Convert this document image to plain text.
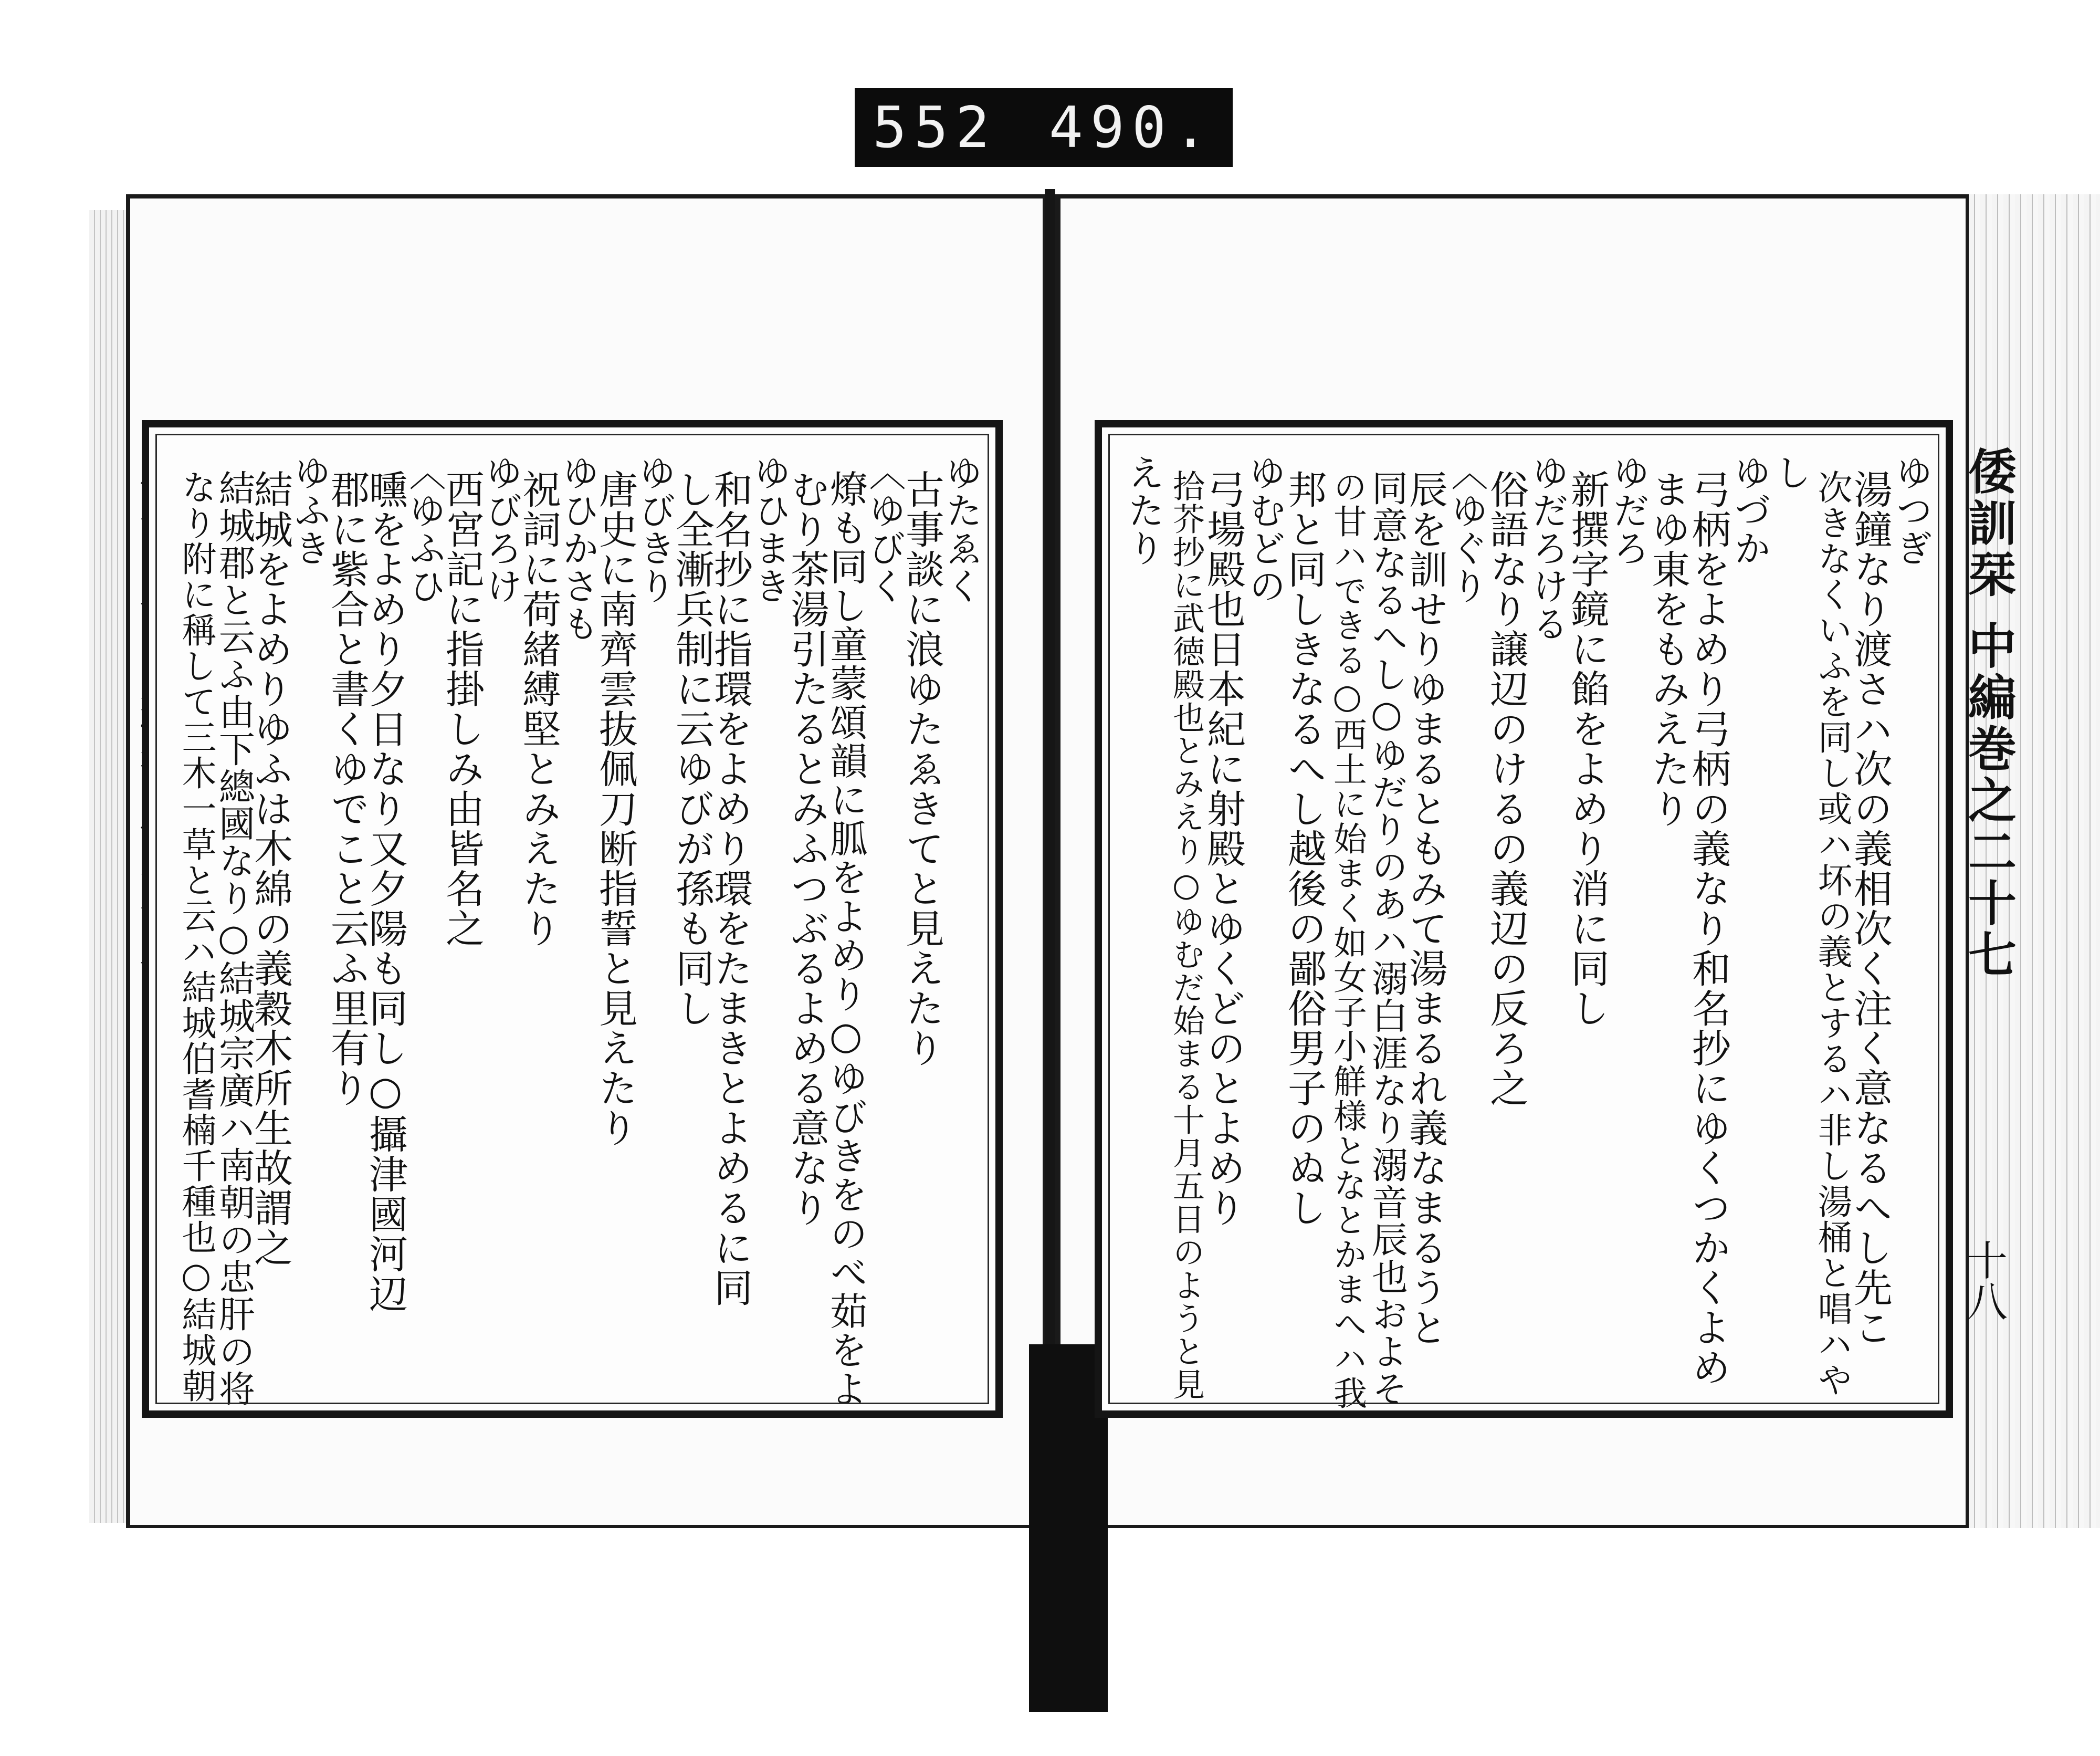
552 490.
倭訓栞 中編巻之二十七
十八
ゆたゑく
古事談に浪ゆたゑきてと見えたり
〈ゆびく
燎も同し童蒙頌韻に胍をよめり○ゆびきをのべ茹をよ
むり茶湯引たるとみふつぶるよめる意なり
ゆひまき
和名抄に指環をよめり環をたまきとよめるに同
し全漸兵制に云ゆびが孫も同し
ゆびきり
唐史に南齊雲抜佩刀断指誓と見えたり
ゆひかさも
祝詞に荷緒縛堅とみえたり
ゆびろけ
西宮記に指掛しみ由皆名之
〈ゆふひ
曛をよめり夕日なり又夕陽も同し○攝津國河辺
郡に紫合と書くゆでこと云ふ里有り
ゆふき
結城をよめりゆふは木綿の義穀木所生故謂之
結城郡と云ふ由下總國なり○結城宗廣ハ南朝の忠肝の将
なり附に稱して三木一草と云ハ結城伯耆楠千種也○結城朝	ゆつぎ
湯鐘なり渡さハ次の義相次く注く意なるへし先こ
次きなくいふを同し或ハ坏の義とするハ非し湯桶と唱ハや
し
ゆづか
弓柄をよめり弓柄の義なり和名抄にゆくつかくよめ
まゆ東をもみえたり
ゆだろ
新撰字鏡に餡をよめり消に同し
ゆだろける
俗語なり譲辺のけるの義辺の反ろ之
〈ゆぐり
辰を訓せりゆまるともみて湯まるれ義なまるうと
同意なるへし○ゆだりのあハ溺白涯なり溺音辰也およそ
の甘ハできる○西土に始まく如女子小觧様となとかまへハ我
邦と同しきなるへし越後の鄙俗男子のぬし
ゆむどの
弓場殿也日本紀に射殿とゆくどのとよめり
拾芥抄に武徳殿也とみえり○ゆむだ始まる十月五日のようと見
えたり
